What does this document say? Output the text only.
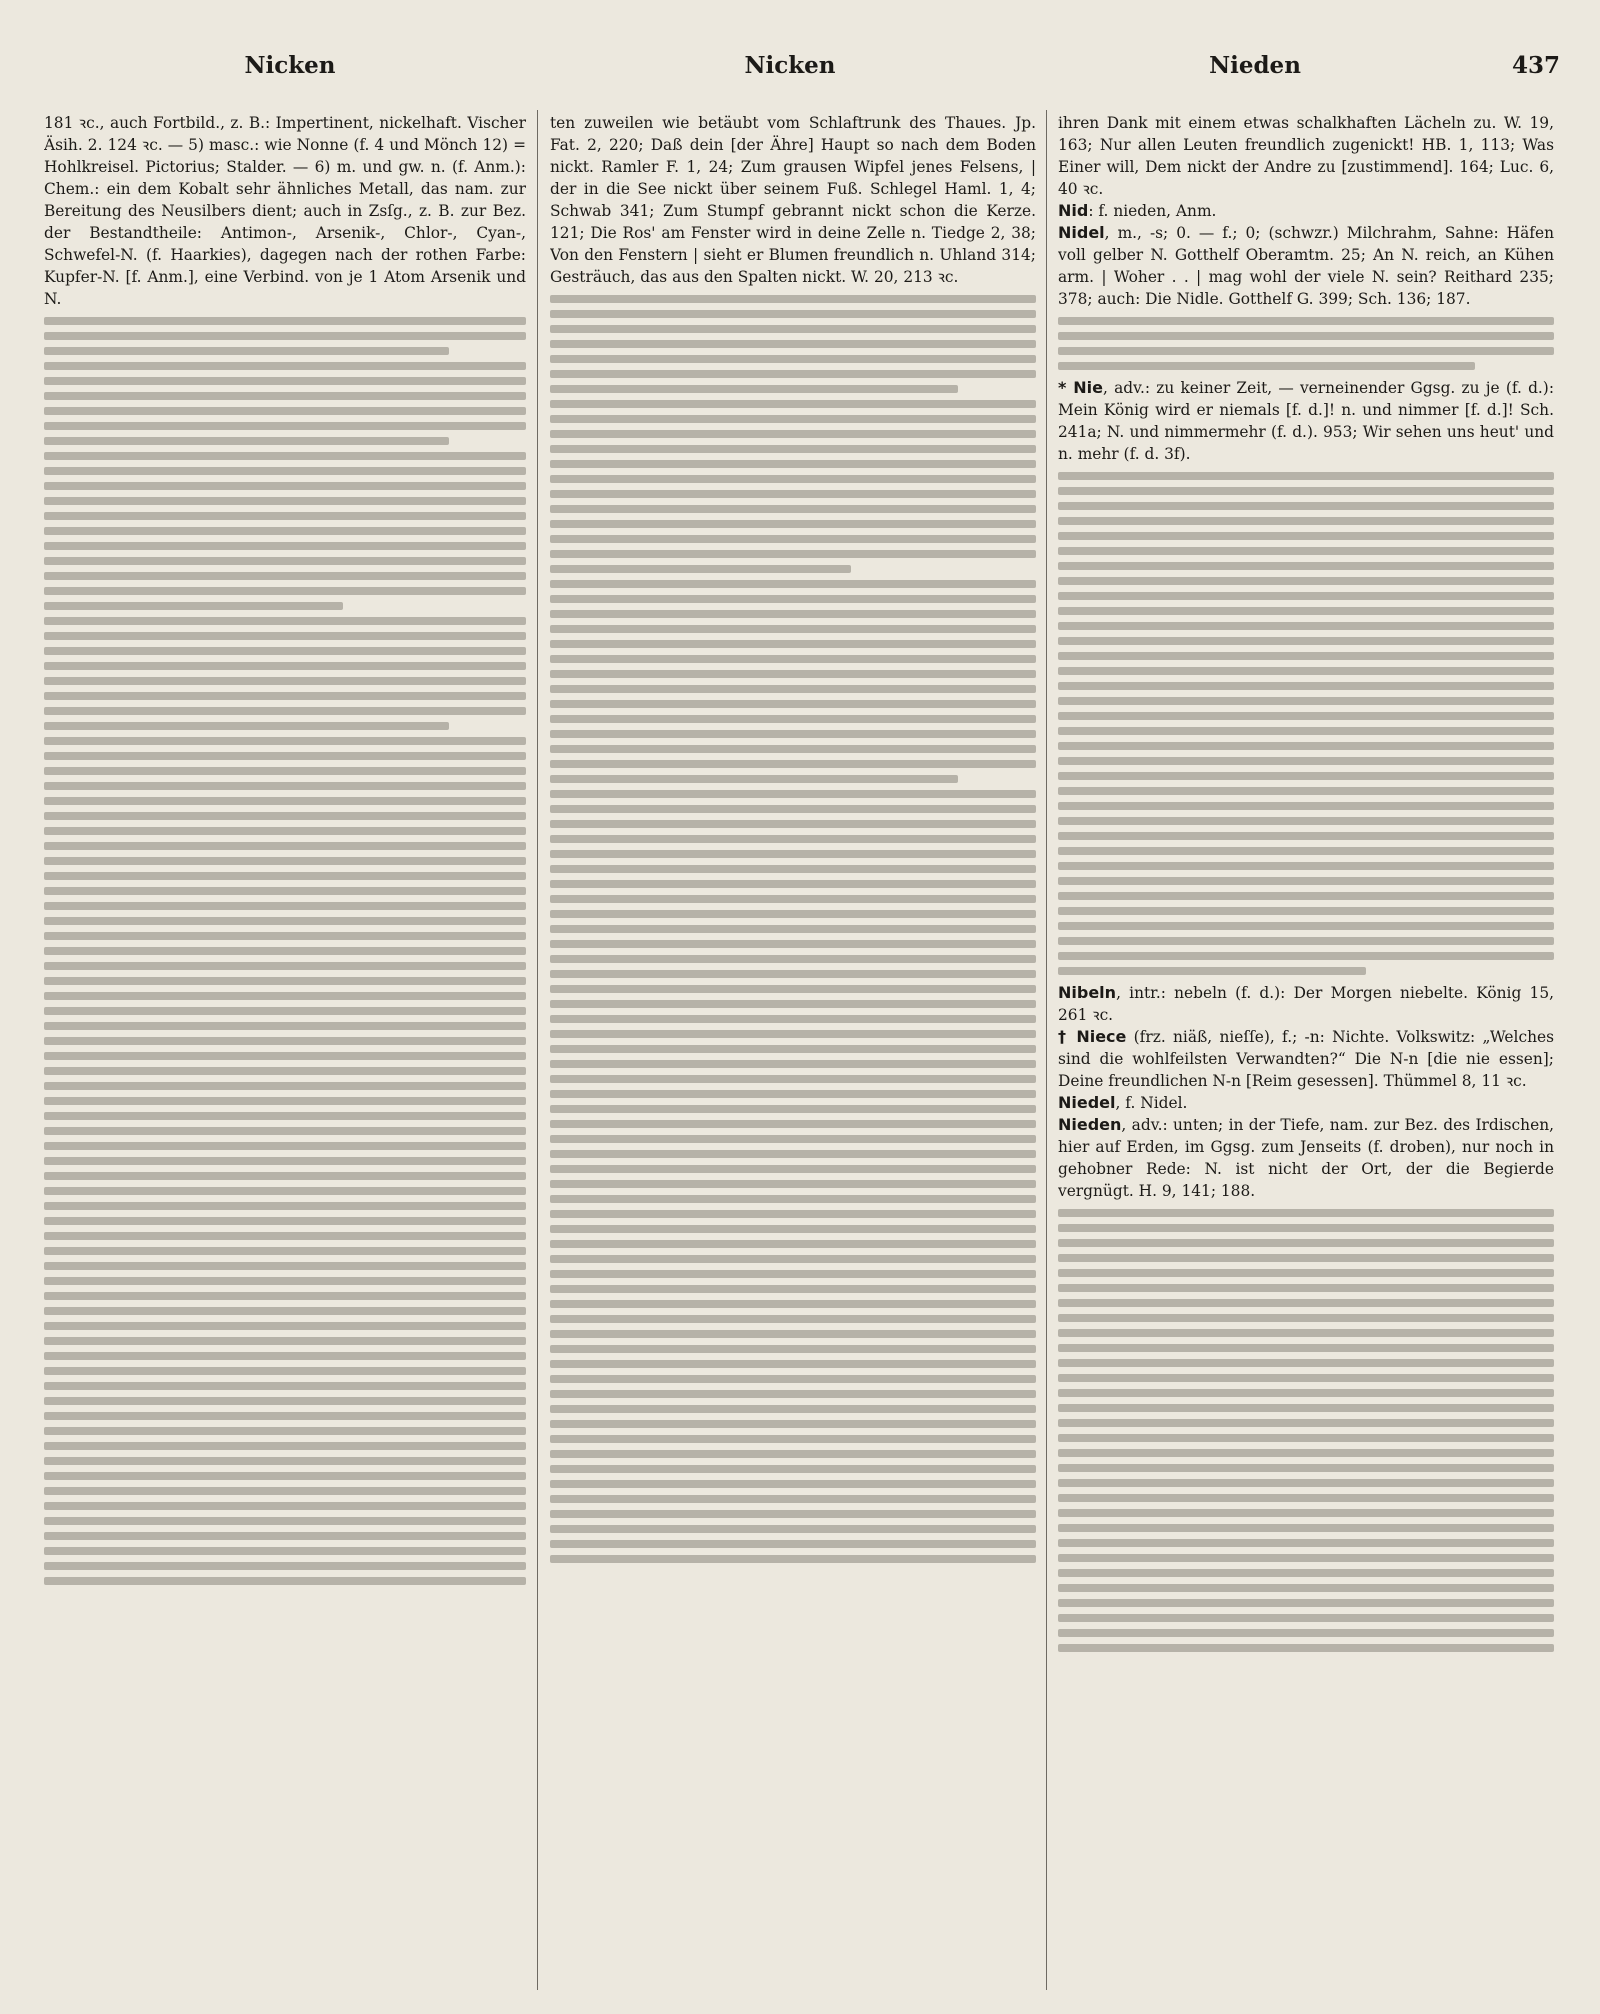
Nicken	Nicken	Nieden	437

181 ꝛc., auch Fortbild., z. B.: Impertinent, nickelhaft. Vischer Äsih. 2. 124 ꝛc. — 5) masc.: wie Nonne (f. 4 und Mönch 12) = Hohlkreisel. Pictorius; Stalder. — 6) m. und gw. n. (f. Anm.): Chem.: ein dem Kobalt sehr ähnliches Metall, das nam. zur Bereitung des Neusilbers dient; auch in Zsſg., z. B. zur Bez. der Bestandtheile: Antimon-, Arsenik-, Chlor-, Cyan-, Schwefel-N. (f. Haarkies), dagegen nach der rothen Farbe: Kupfer-N. [f. Anm.], eine Verbind. von je 1 Atom Arsenik und N.

ten zuweilen wie betäubt vom Schlaftrunk des Thaues. Jp. Fat. 2, 220; Daß dein [der Ähre] Haupt so nach dem Boden nickt. Ramler F. 1, 24; Zum grausen Wipfel jenes Felsens, | der in die See nickt über seinem Fuß. Schlegel Haml. 1, 4; Schwab 341; Zum Stumpf gebrannt nickt schon die Kerze. 121; Die Ros' am Fenster wird in deine Zelle n. Tiedge 2, 38; Von den Fenstern | sieht er Blumen freundlich n. Uhland 314; Gesträuch, das aus den Spalten nickt. W. 20, 213 ꝛc.

ihren Dank mit einem etwas schalkhaften Lächeln zu. W. 19, 163; Nur allen Leuten freundlich zugenickt! HB. 1, 113; Was Einer will, Dem nickt der Andre zu [zustimmend]. 164; Luc. 6, 40 ꝛc.

Nid: f. nieden, Anm.

Nidel, m., -s; 0. — f.; 0; (schwzr.) Milchrahm, Sahne: Häfen voll gelber N. Gotthelf Oberamtm. 25; An N. reich, an Kühen arm. | Woher . . | mag wohl der viele N. sein? Reithard 235; 378; auch: Die Nidle. Gotthelf G. 399; Sch. 136; 187.

* Nie, adv.: zu keiner Zeit, — verneinender Ggsg. zu je (f. d.): Mein König wird er niemals [f. d.]! n. und nimmer [f. d.]! Sch. 241a; N. und nimmermehr (f. d.). 953; Wir sehen uns heut' und n. mehr (f. d. 3f).

Nibeln, intr.: nebeln (f. d.): Der Morgen niebelte. König 15, 261 ꝛc.

† Niece (frz. niäß, nieſſe), f.; -n: Nichte. Volkswitz: „Welches sind die wohlfeilsten Verwandten?“ Die N-n [die nie essen]; Deine freundlichen N-n [Reim gesessen]. Thümmel 8, 11 ꝛc.

Niedel, f. Nidel.

Nieden, adv.: unten; in der Tiefe, nam. zur Bez. des Irdischen, hier auf Erden, im Ggsg. zum Jenseits (f. droben), nur noch in gehobner Rede: N. ist nicht der Ort, der die Begierde vergnügt. H. 9, 141; 188.
